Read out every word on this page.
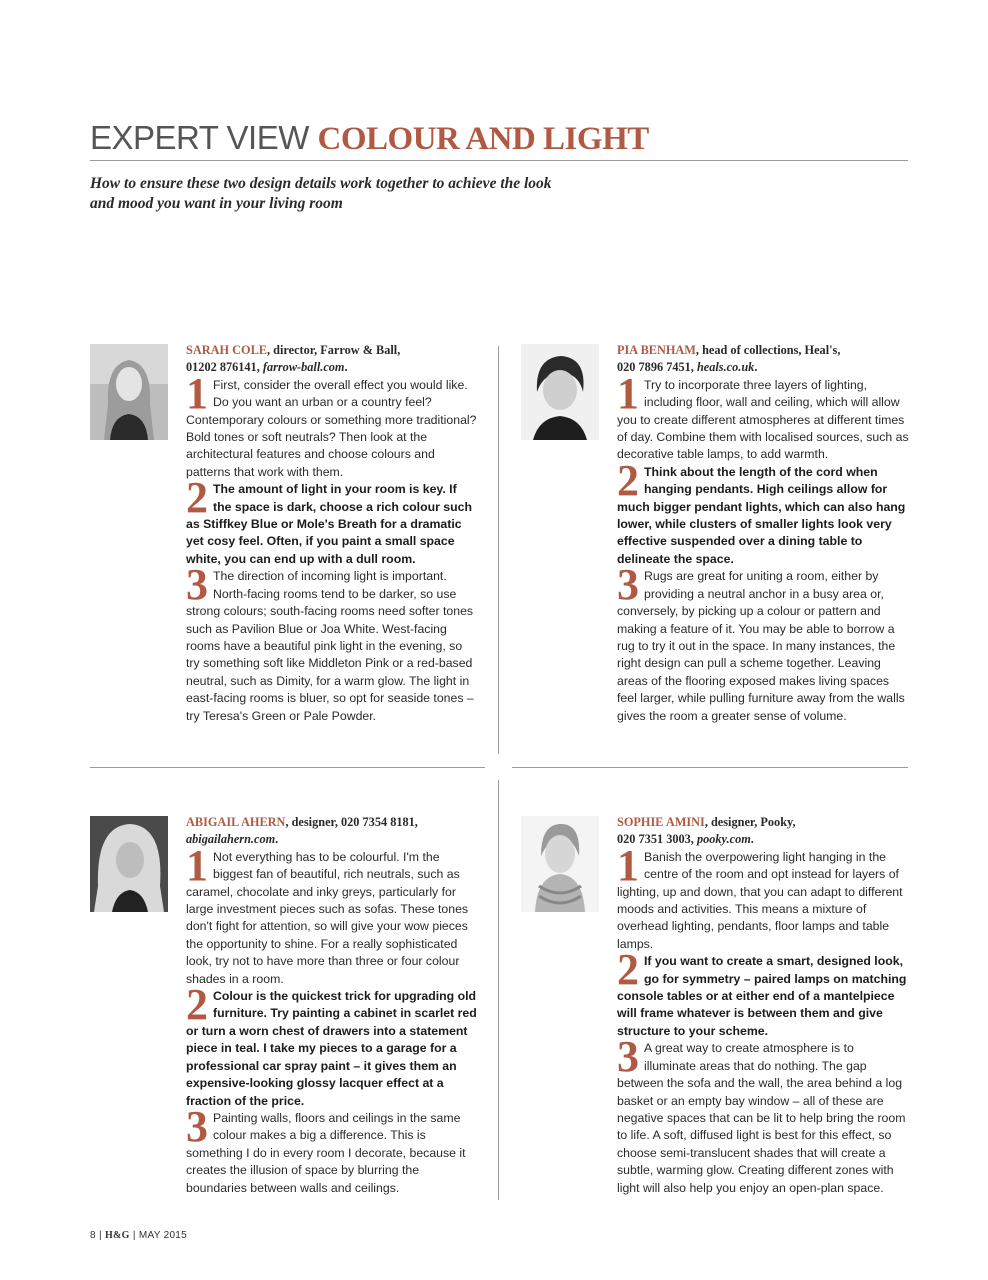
EXPERT VIEW COLOUR AND LIGHT

How to ensure these two design details work together to achieve the look and mood you want in your living room

SARAH COLE, director, Farrow & Ball,
01202 876141, farrow-ball.com.

1 First, consider the overall effect you would like. Do you want an urban or a country feel? Contemporary colours or something more traditional? Bold tones or soft neutrals? Then look at the architectural features and choose colours and patterns that work with them.

2 The amount of light in your room is key. If the space is dark, choose a rich colour such as Stiffkey Blue or Mole's Breath for a dramatic yet cosy feel. Often, if you paint a small space white, you can end up with a dull room.

3 The direction of incoming light is important. North-facing rooms tend to be darker, so use strong colours; south-facing rooms need softer tones such as Pavilion Blue or Joa White. West-facing rooms have a beautiful pink light in the evening, so try something soft like Middleton Pink or a red-based neutral, such as Dimity, for a warm glow. The light in east-facing rooms is bluer, so opt for seaside tones – try Teresa's Green or Pale Powder.

PIA BENHAM, head of collections, Heal's,
020 7896 7451, heals.co.uk.

1 Try to incorporate three layers of lighting, including floor, wall and ceiling, which will allow you to create different atmospheres at different times of day. Combine them with localised sources, such as decorative table lamps, to add warmth.

2 Think about the length of the cord when hanging pendants. High ceilings allow for much bigger pendant lights, which can also hang lower, while clusters of smaller lights look very effective suspended over a dining table to delineate the space.

3 Rugs are great for uniting a room, either by providing a neutral anchor in a busy area or, conversely, by picking up a colour or pattern and making a feature of it. You may be able to borrow a rug to try it out in the space. In many instances, the right design can pull a scheme together. Leaving areas of the flooring exposed makes living spaces feel larger, while pulling furniture away from the walls gives the room a greater sense of volume.

ABIGAIL AHERN, designer, 020 7354 8181,
abigailahern.com.

1 Not everything has to be colourful. I'm the biggest fan of beautiful, rich neutrals, such as caramel, chocolate and inky greys, particularly for large investment pieces such as sofas. These tones don't fight for attention, so will give your wow pieces the opportunity to shine. For a really sophisticated look, try not to have more than three or four colour shades in a room.

2 Colour is the quickest trick for upgrading old furniture. Try painting a cabinet in scarlet red or turn a worn chest of drawers into a statement piece in teal. I take my pieces to a garage for a professional car spray paint – it gives them an expensive-looking glossy lacquer effect at a fraction of the price.

3 Painting walls, floors and ceilings in the same colour makes a big a difference. This is something I do in every room I decorate, because it creates the illusion of space by blurring the boundaries between walls and ceilings.

SOPHIE AMINI, designer, Pooky,
020 7351 3003, pooky.com.

1 Banish the overpowering light hanging in the centre of the room and opt instead for layers of lighting, up and down, that you can adapt to different moods and activities. This means a mixture of overhead lighting, pendants, floor lamps and table lamps.

2 If you want to create a smart, designed look, go for symmetry – paired lamps on matching console tables or at either end of a mantelpiece will frame whatever is between them and give structure to your scheme.

3 A great way to create atmosphere is to illuminate areas that do nothing. The gap between the sofa and the wall, the area behind a log basket or an empty bay window – all of these are negative spaces that can be lit to help bring the room to life. A soft, diffused light is best for this effect, so choose semi-translucent shades that will create a subtle, warming glow. Creating different zones with light will also help you enjoy an open-plan space.

8 | H&G | MAY 2015
